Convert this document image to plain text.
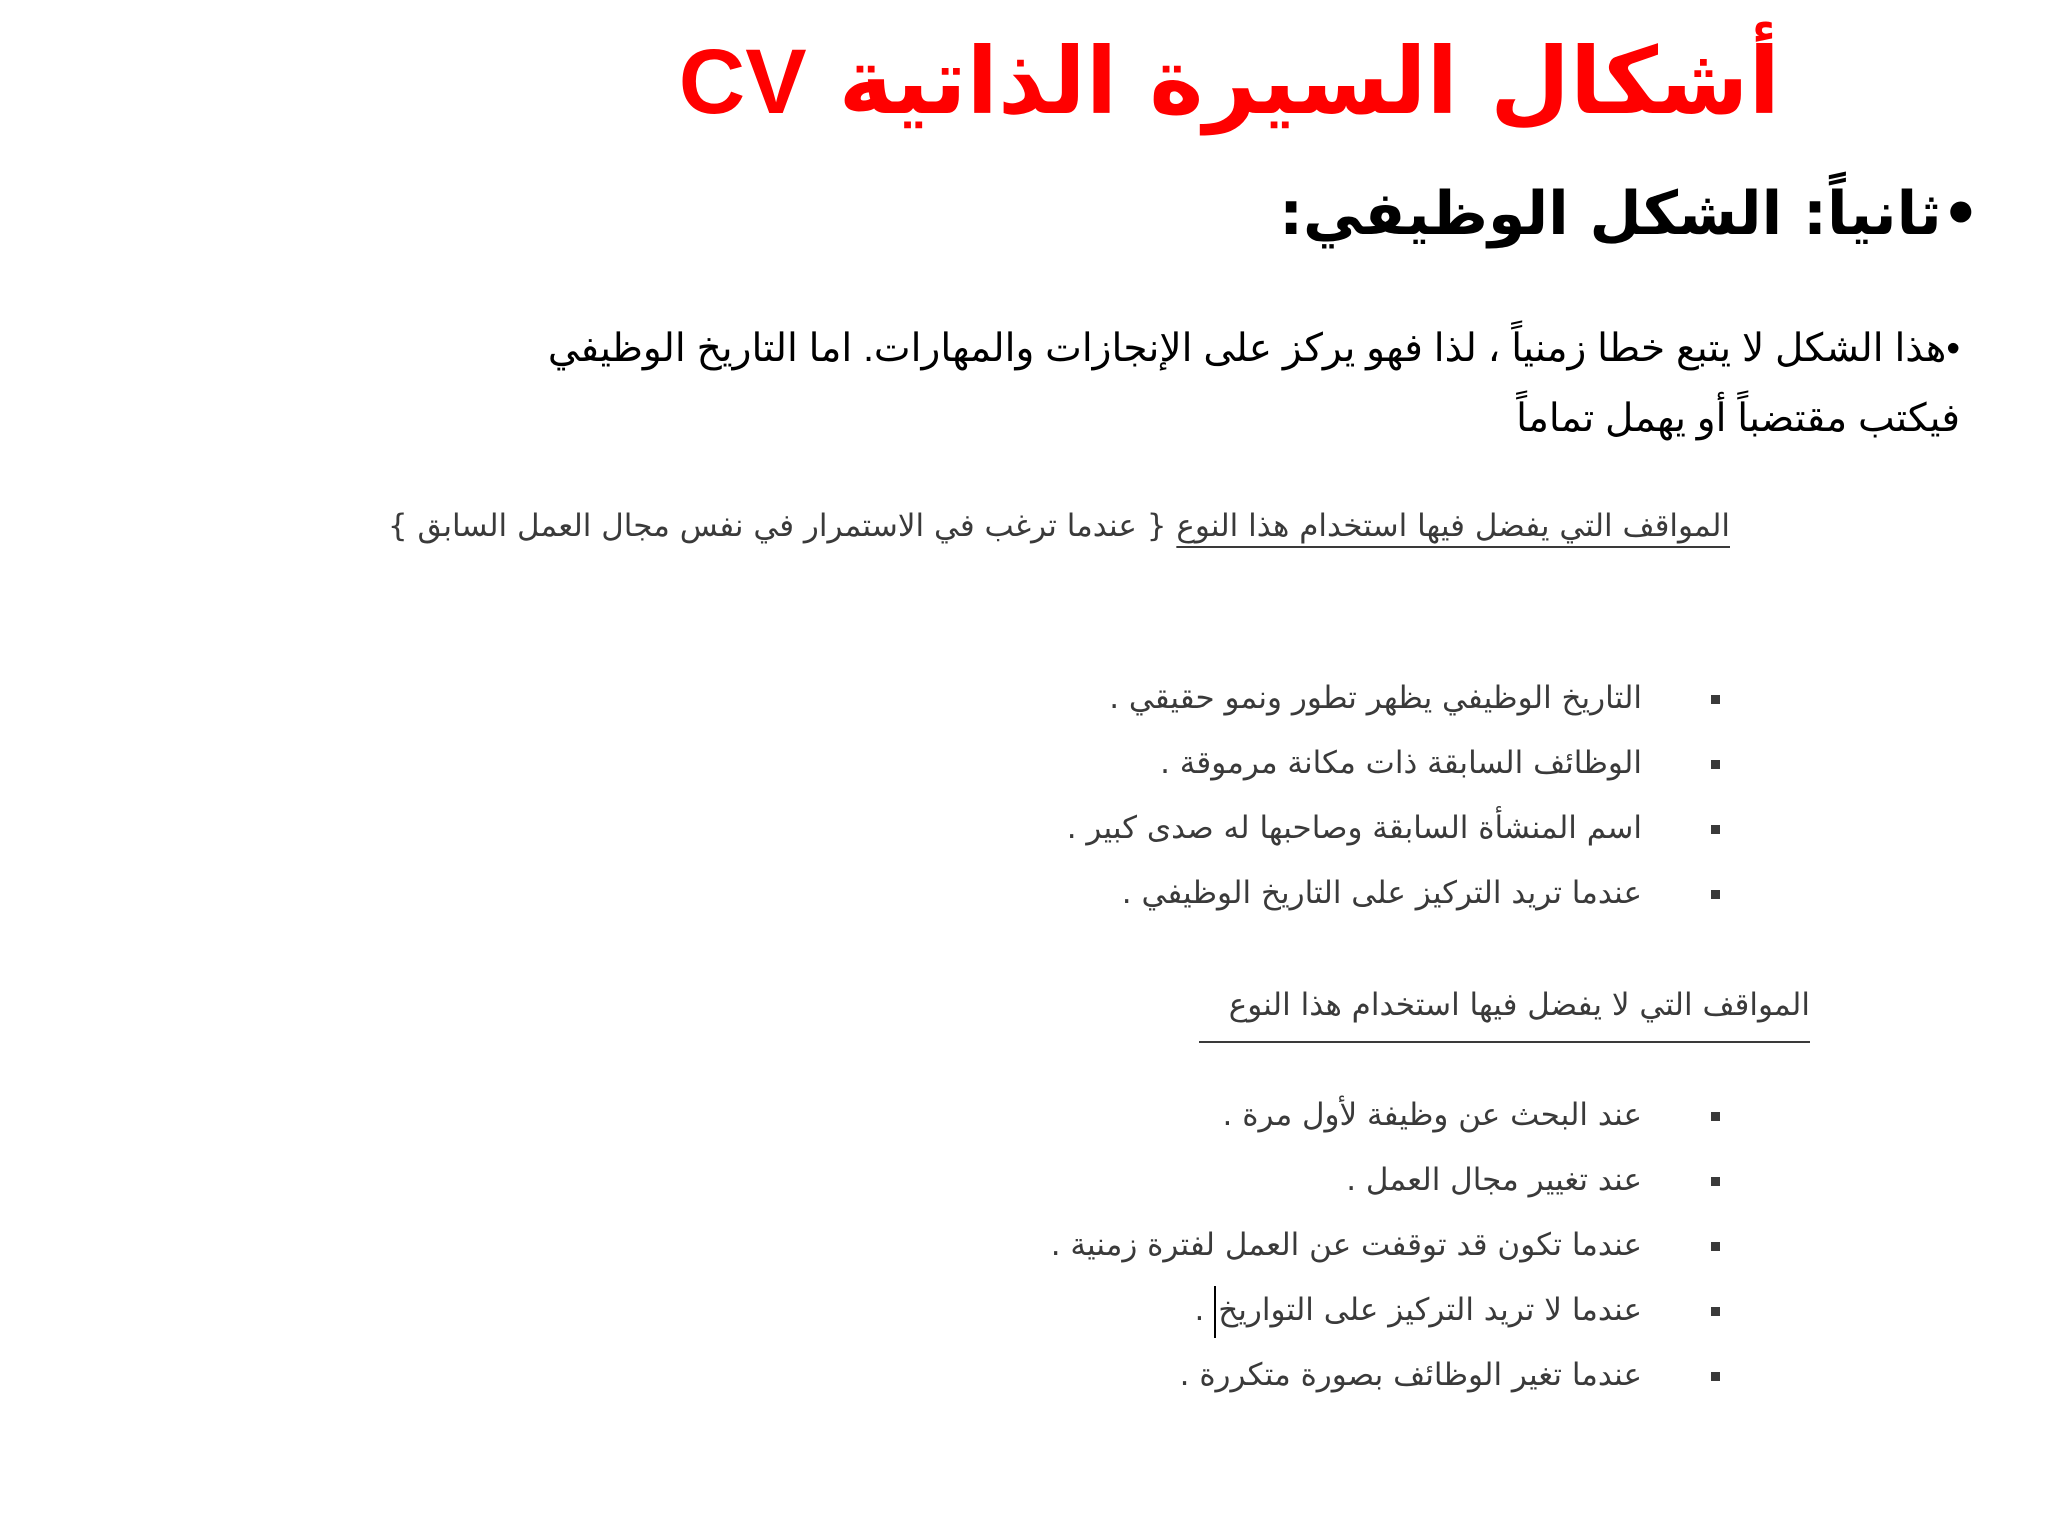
أشكال السيرة الذاتية CV
•ثانياً: الشكل الوظيفي:
•هذا الشكل لا يتبع خطا زمنياً ، لذا فهو يركز على الإنجازات والمهارات. اما التاريخ الوظيفي
فيكتب مقتضباً أو يهمل تماماً
المواقف التي يفضل فيها استخدام هذا النوع { عندما ترغب في الاستمرار في نفس مجال العمل السابق }
التاريخ الوظيفي يظهر تطور ونمو حقيقي .
الوظائف السابقة ذات مكانة مرموقة .
اسم المنشأة السابقة وصاحبها له صدى كبير .
عندما تريد التركيز على التاريخ الوظيفي .
المواقف التي لا يفضل فيها استخدام هذا النوع
عند البحث عن وظيفة لأول مرة .
عند تغيير مجال العمل .
عندما تكون قد توقفت عن العمل لفترة زمنية .
عندما لا تريد التركيز على التواريخ .
عندما تغير الوظائف بصورة متكررة .
